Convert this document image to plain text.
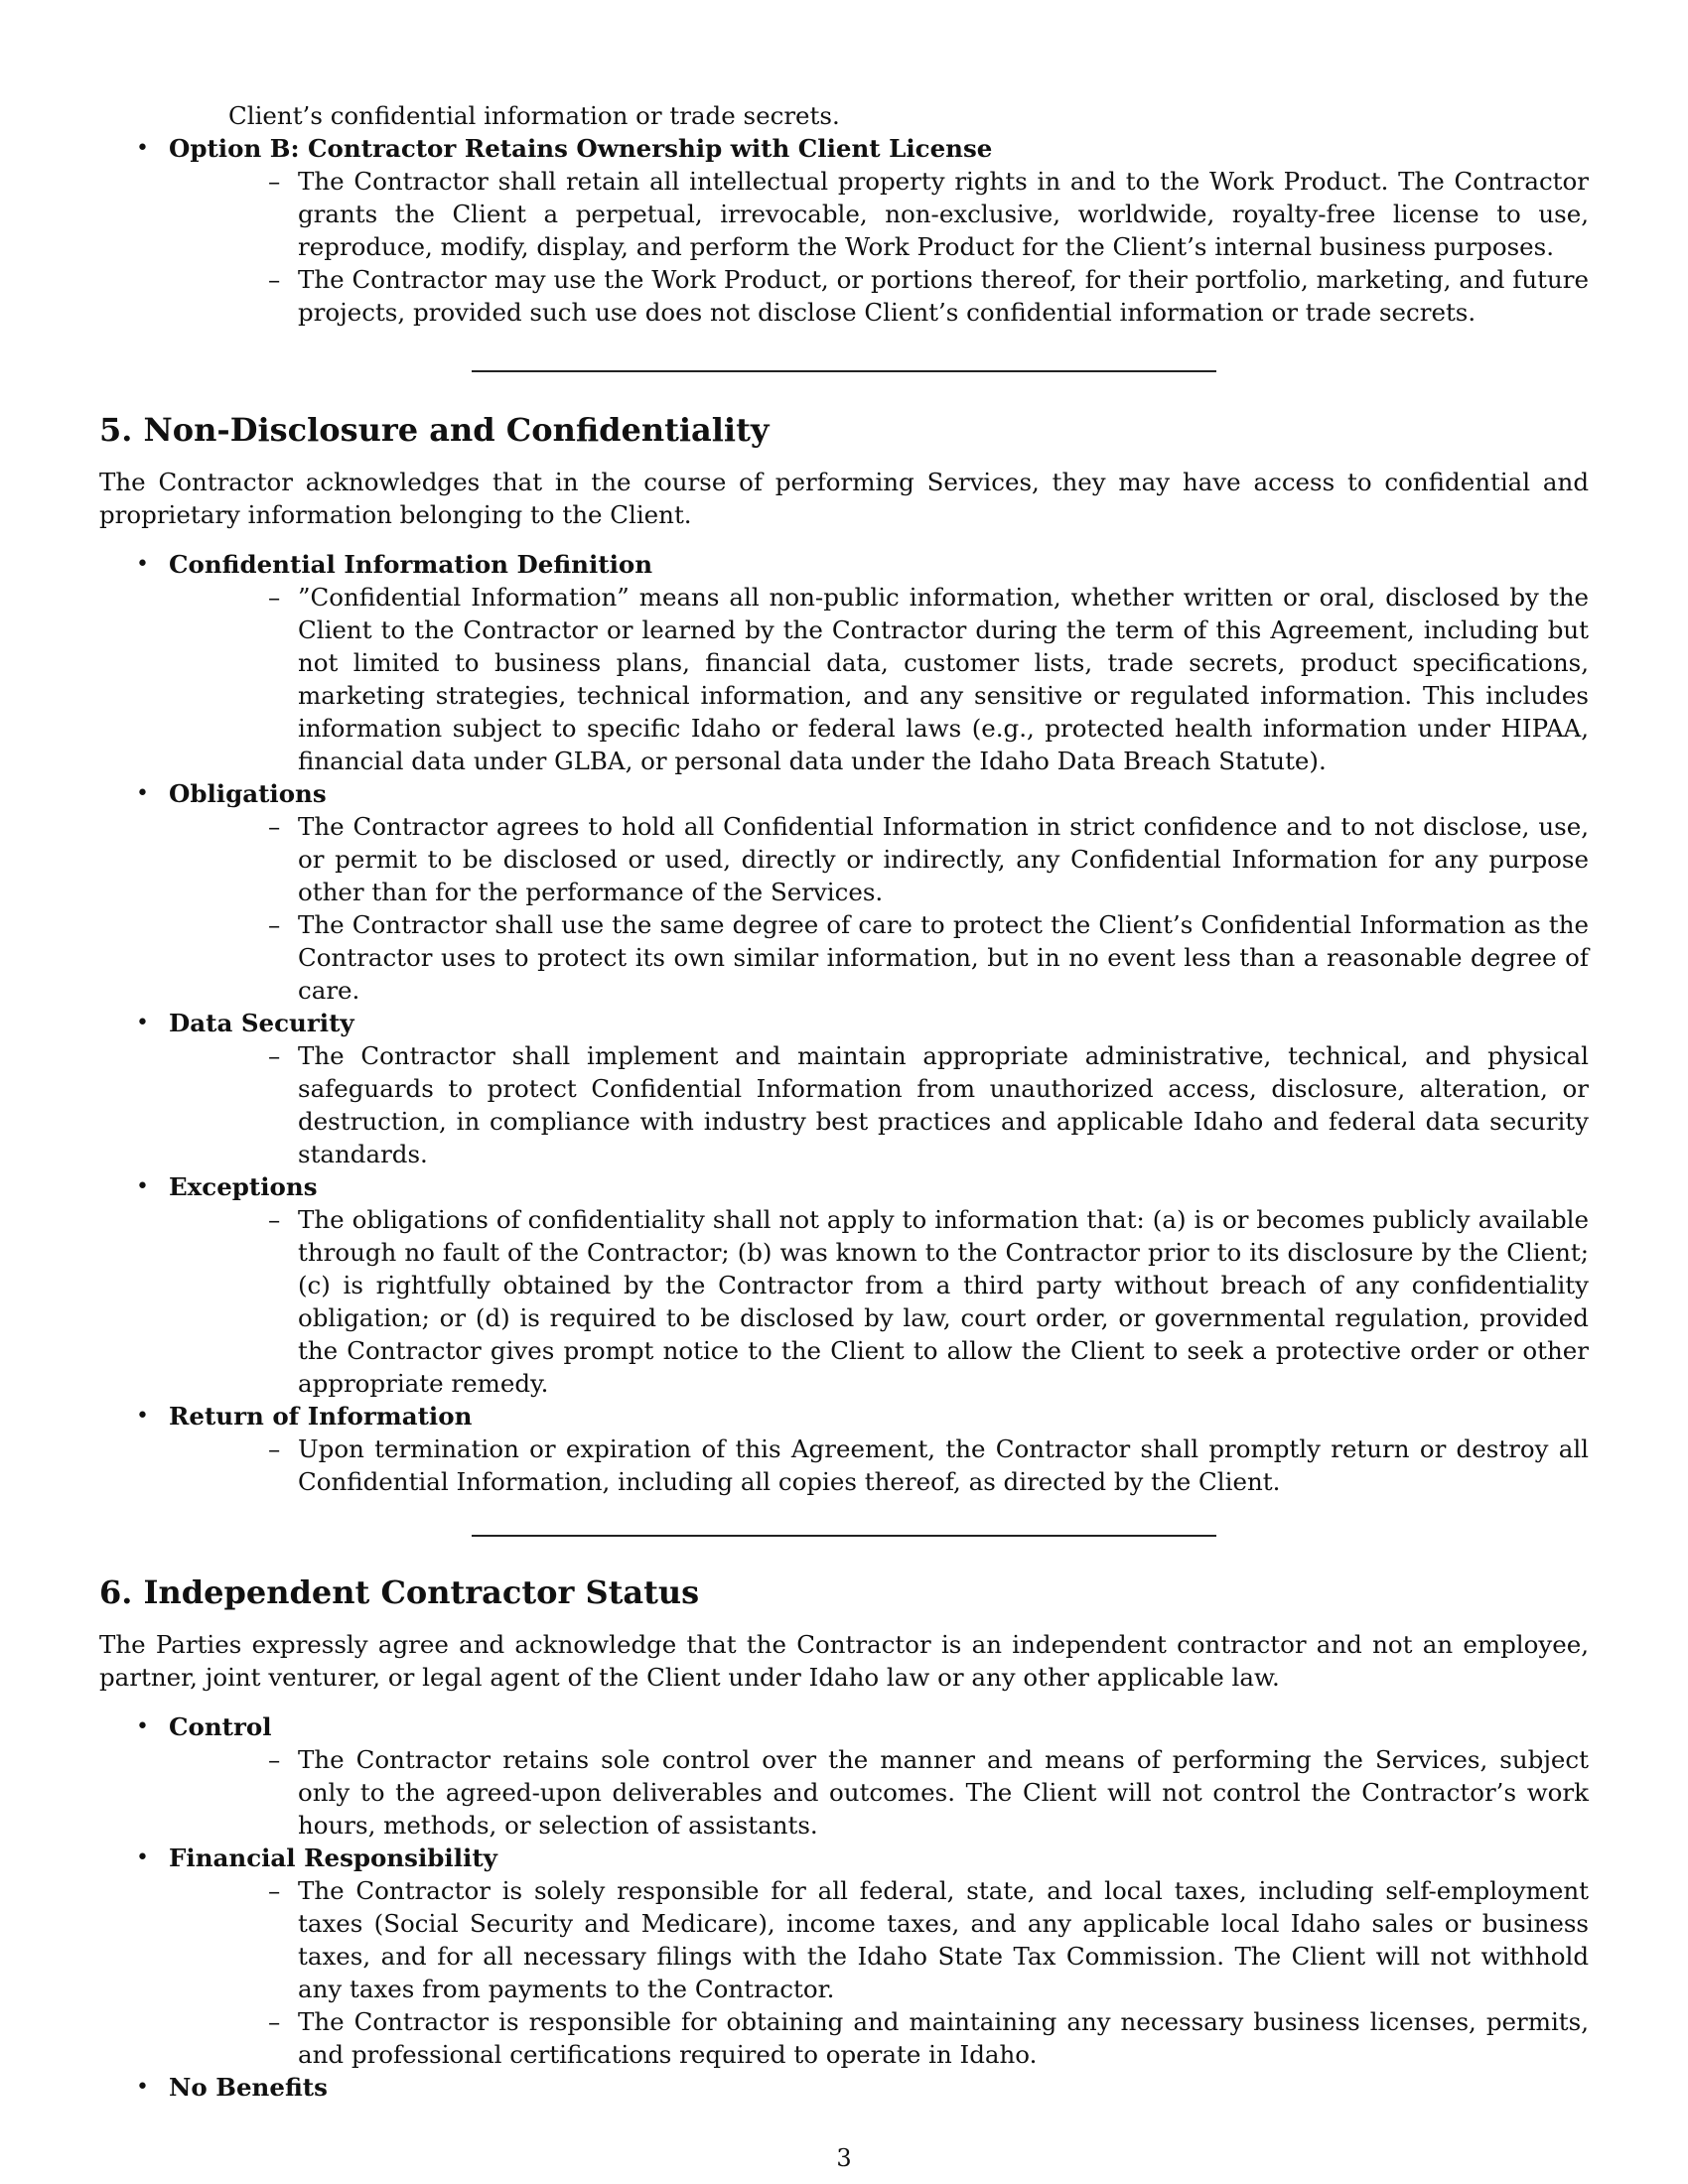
Client’s confidential information or trade secrets.
• Option B: Contractor Retains Ownership with Client License
– The Contractor shall retain all intellectual property rights in and to the Work Product. The Contractor grants the Client a perpetual, irrevocable, non-exclusive, worldwide, royalty-free license to use, reproduce, modify, display, and perform the Work Product for the Client’s internal business purposes.
– The Contractor may use the Work Product, or portions thereof, for their portfolio, marketing, and future projects, provided such use does not disclose Client’s confidential information or trade secrets.
5. Non-Disclosure and Confidentiality
The Contractor acknowledges that in the course of performing Services, they may have access to confidential and proprietary information belonging to the Client.
• Confidential Information Definition
– ”Confidential Information” means all non-public information, whether written or oral, disclosed by the Client to the Contractor or learned by the Contractor during the term of this Agreement, including but not limited to business plans, financial data, customer lists, trade secrets, product specifications, marketing strategies, technical information, and any sensitive or regulated information. This includes information subject to specific Idaho or federal laws (e.g., protected health information under HIPAA, financial data under GLBA, or personal data under the Idaho Data Breach Statute).
• Obligations
– The Contractor agrees to hold all Confidential Information in strict confidence and to not disclose, use, or permit to be disclosed or used, directly or indirectly, any Confidential Information for any purpose other than for the performance of the Services.
– The Contractor shall use the same degree of care to protect the Client’s Confidential Information as the Contractor uses to protect its own similar information, but in no event less than a reasonable degree of care.
• Data Security
– The Contractor shall implement and maintain appropriate administrative, technical, and physical safeguards to protect Confidential Information from unauthorized access, disclosure, alteration, or destruction, in compliance with industry best practices and applicable Idaho and federal data security standards.
• Exceptions
– The obligations of confidentiality shall not apply to information that: (a) is or becomes publicly available through no fault of the Contractor; (b) was known to the Contractor prior to its disclosure by the Client; (c) is rightfully obtained by the Contractor from a third party without breach of any confidentiality obligation; or (d) is required to be disclosed by law, court order, or governmental regulation, provided the Contractor gives prompt notice to the Client to allow the Client to seek a protective order or other appropriate remedy.
• Return of Information
– Upon termination or expiration of this Agreement, the Contractor shall promptly return or destroy all Confidential Information, including all copies thereof, as directed by the Client.
6. Independent Contractor Status
The Parties expressly agree and acknowledge that the Contractor is an independent contractor and not an employee, partner, joint venturer, or legal agent of the Client under Idaho law or any other applicable law.
• Control
– The Contractor retains sole control over the manner and means of performing the Services, subject only to the agreed-upon deliverables and outcomes. The Client will not control the Contractor’s work hours, methods, or selection of assistants.
• Financial Responsibility
– The Contractor is solely responsible for all federal, state, and local taxes, including self-employment taxes (Social Security and Medicare), income taxes, and any applicable local Idaho sales or business taxes, and for all necessary filings with the Idaho State Tax Commission. The Client will not withhold any taxes from payments to the Contractor.
– The Contractor is responsible for obtaining and maintaining any necessary business licenses, permits, and professional certifications required to operate in Idaho.
• No Benefits
3
